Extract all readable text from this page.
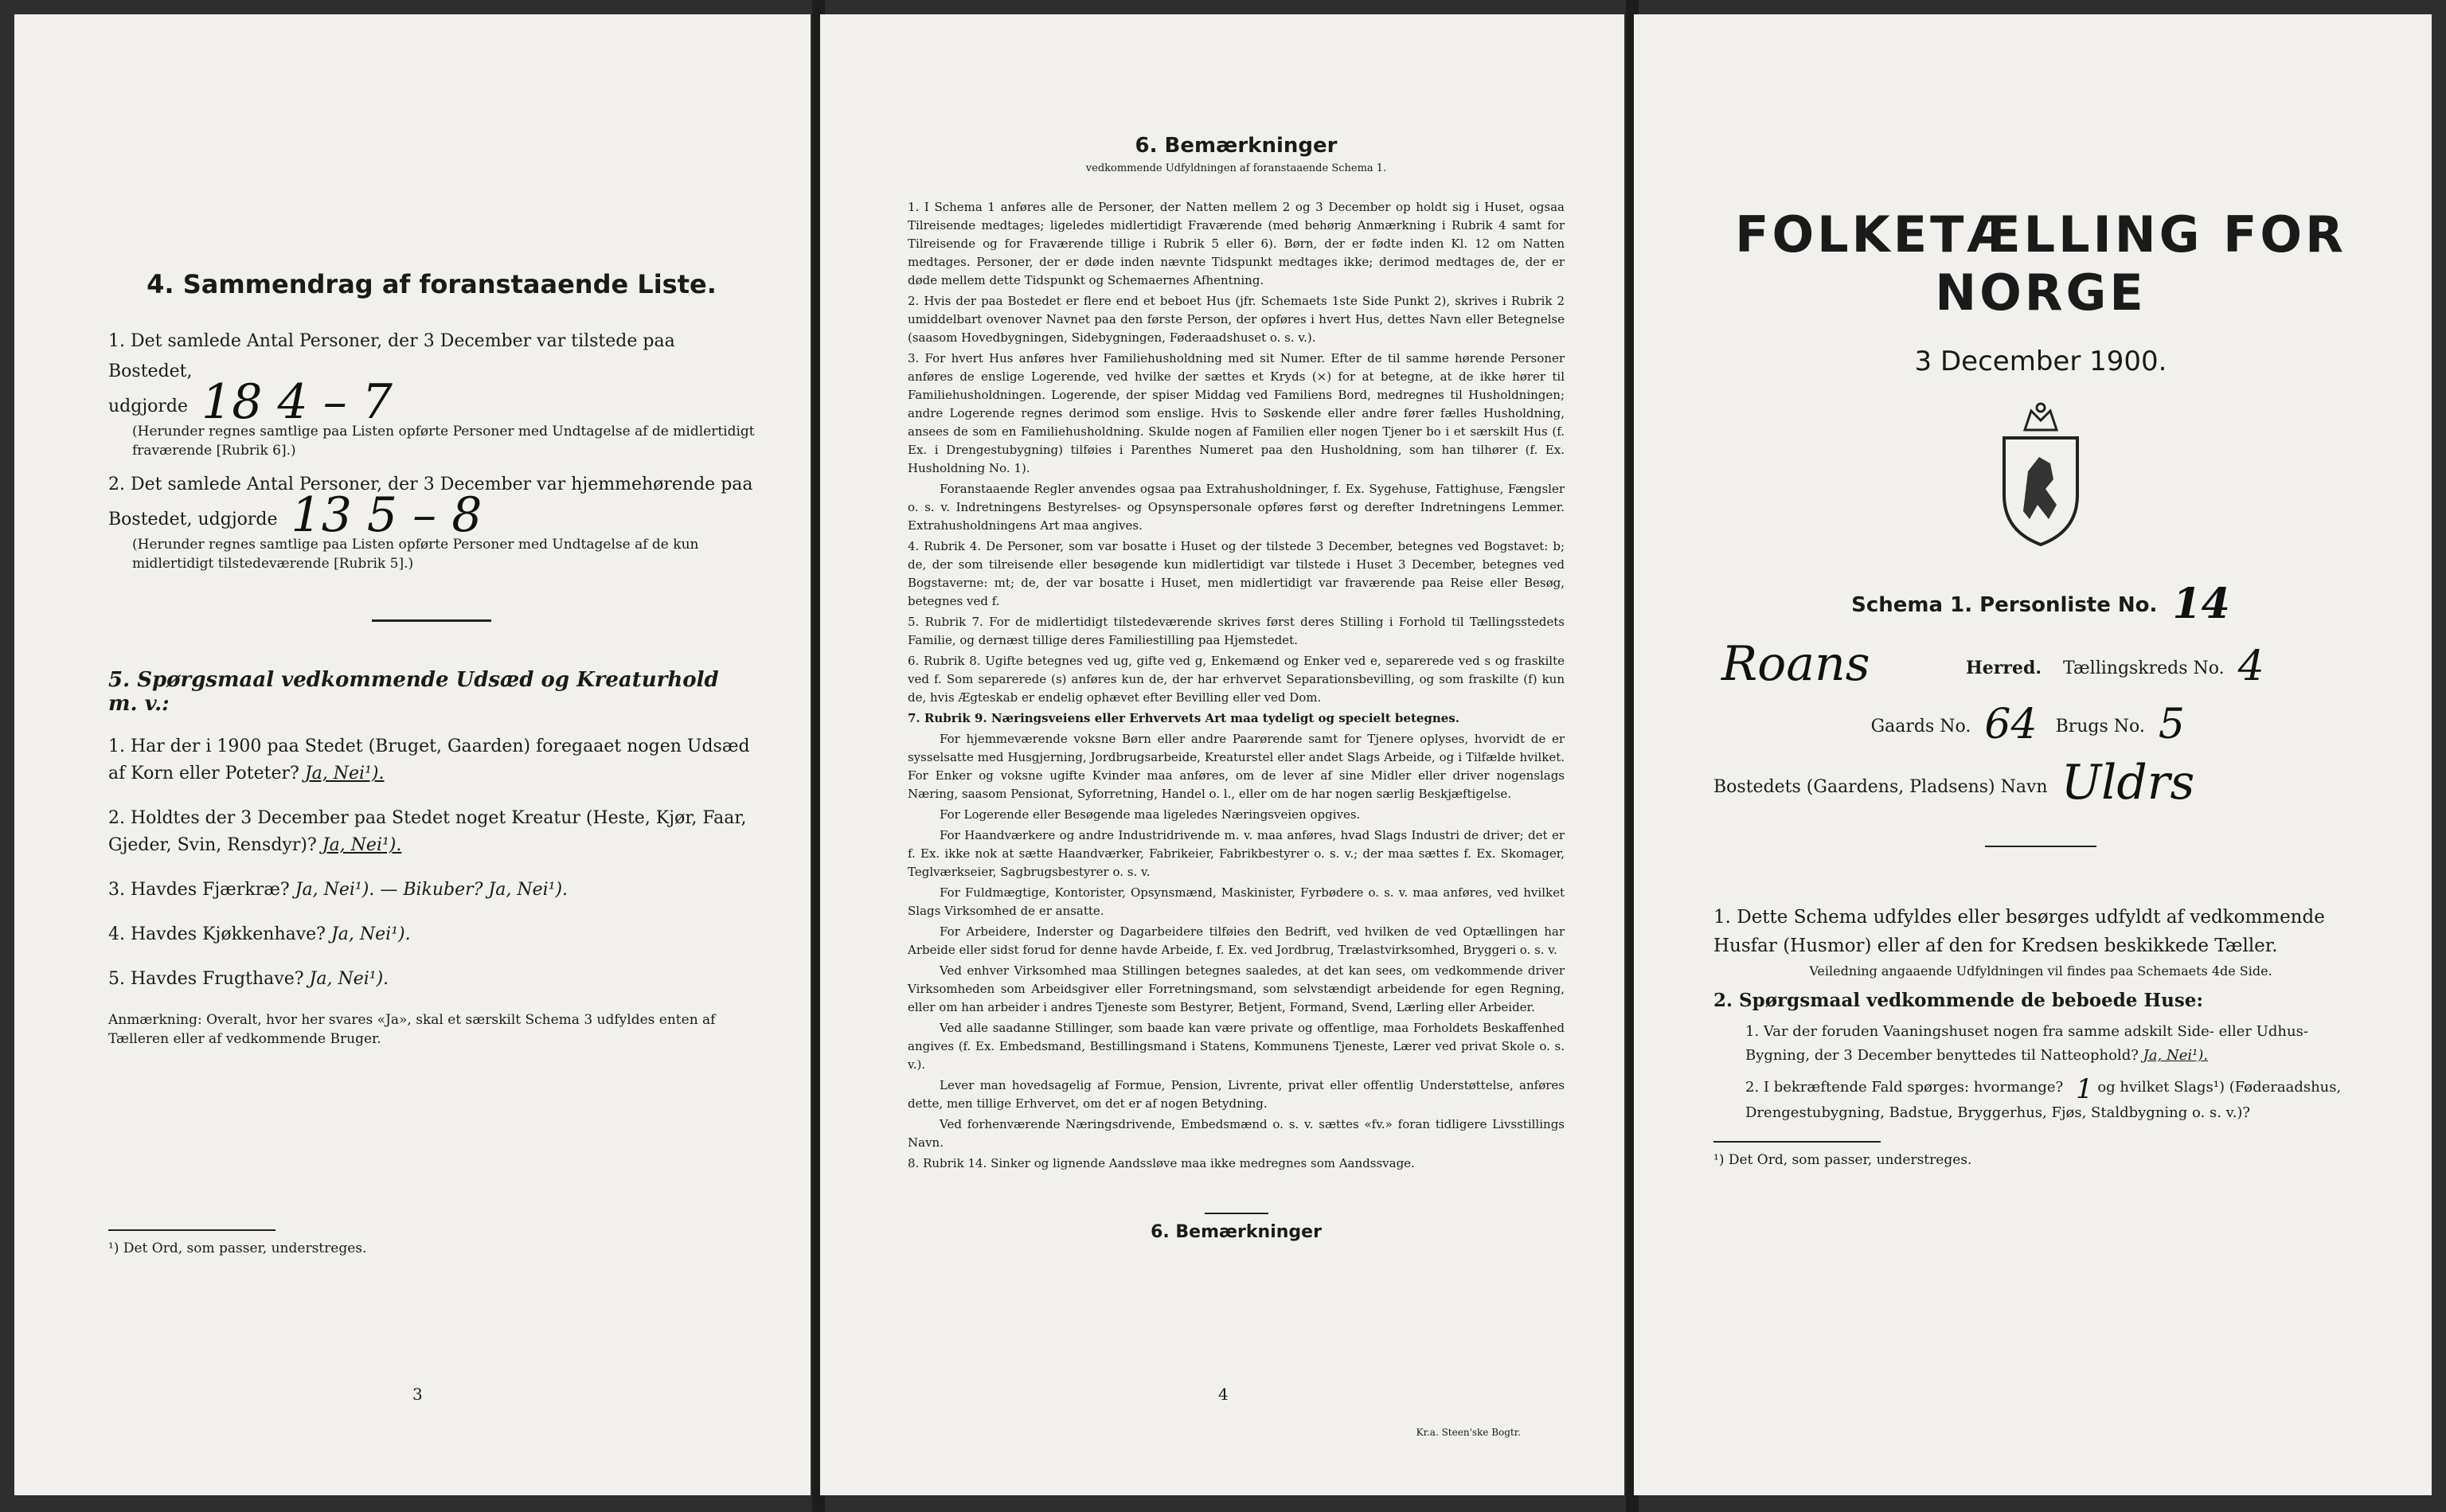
4. Sammendrag af foranstaaende Liste.

1. Det samlede Antal Personer, der 3 December var tilstede paa Bostedet,

udgjorde 18 4 – 7

(Herunder regnes samtlige paa Listen opførte Personer med Undtagelse af de midlertidigt fraværende [Rubrik 6].)

2. Det samlede Antal Personer, der 3 December var hjemmehørende paa

Bostedet, udgjorde 13 5 – 8

(Herunder regnes samtlige paa Listen opførte Personer med Undtagelse af de kun midlertidigt tilstedeværende [Rubrik 5].)

5. Spørgsmaal vedkommende Udsæd og Kreaturhold m. v.:

1. Har der i 1900 paa Stedet (Bruget, Gaarden) foregaaet nogen Udsæd af Korn eller Poteter? Ja, Nei¹).

2. Holdtes der 3 December paa Stedet noget Kreatur (Heste, Kjør, Faar, Gjeder, Svin, Rensdyr)? Ja, Nei¹).

3. Havdes Fjærkræ? Ja, Nei¹). — Bikuber? Ja, Nei¹).

4. Havdes Kjøkkenhave? Ja, Nei¹).

5. Havdes Frugthave? Ja, Nei¹).

Anmærkning: Overalt, hvor her svares «Ja», skal et særskilt Schema 3 udfyldes enten af Tælleren eller af vedkommende Bruger.

¹) Det Ord, som passer, understreges.
3
6. Bemærkninger

vedkommende Udfyldningen af foranstaaende Schema 1.

1. I Schema 1 anføres alle de Personer, der Natten mellem 2 og 3 December op holdt sig i Huset, ogsaa Tilreisende medtages; ligeledes midlertidigt Fraværende (med behørig Anmærkning i Rubrik 4 samt for Tilreisende og for Fraværende tillige i Rubrik 5 eller 6). Børn, der er fødte inden Kl. 12 om Natten medtages. Personer, der er døde inden nævnte Tidspunkt medtages ikke; derimod medtages de, der er døde mellem dette Tidspunkt og Schemaernes Afhentning.

2. Hvis der paa Bostedet er flere end et beboet Hus (jfr. Schemaets 1ste Side Punkt 2), skrives i Rubrik 2 umiddelbart ovenover Navnet paa den første Person, der opføres i hvert Hus, dettes Navn eller Betegnelse (saasom Hovedbygningen, Sidebygningen, Føderaadshuset o. s. v.).

3. For hvert Hus anføres hver Familiehusholdning med sit Numer. Efter de til samme hørende Personer anføres de enslige Logerende, ved hvilke der sættes et Kryds (×) for at betegne, at de ikke hører til Familiehusholdningen. Logerende, der spiser Middag ved Familiens Bord, medregnes til Husholdningen; andre Logerende regnes derimod som enslige. Hvis to Søskende eller andre fører fælles Husholdning, ansees de som en Familiehusholdning. Skulde nogen af Familien eller nogen Tjener bo i et særskilt Hus (f. Ex. i Drengestubygning) tilføies i Parenthes Numeret paa den Husholdning, som han tilhører (f. Ex. Husholdning No. 1).

Foranstaaende Regler anvendes ogsaa paa Extrahusholdninger, f. Ex. Sygehuse, Fattighuse, Fængsler o. s. v. Indretningens Bestyrelses- og Opsynspersonale opføres først og derefter Indretningens Lemmer. Extrahusholdningens Art maa angives.

4. Rubrik 4. De Personer, som var bosatte i Huset og der tilstede 3 December, betegnes ved Bogstavet: b; de, der som tilreisende eller besøgende kun midlertidigt var tilstede i Huset 3 December, betegnes ved Bogstaverne: mt; de, der var bosatte i Huset, men midlertidigt var fraværende paa Reise eller Besøg, betegnes ved f.

5. Rubrik 7. For de midlertidigt tilstedeværende skrives først deres Stilling i Forhold til Tællingsstedets Familie, og dernæst tillige deres Familiestilling paa Hjemstedet.

6. Rubrik 8. Ugifte betegnes ved ug, gifte ved g, Enkemænd og Enker ved e, separerede ved s og fraskilte ved f. Som separerede (s) anføres kun de, der har erhvervet Separationsbevilling, og som fraskilte (f) kun de, hvis Ægteskab er endelig ophævet efter Bevilling eller ved Dom.

7. Rubrik 9. Næringsveiens eller Erhvervets Art maa tydeligt og specielt betegnes.

For hjemmeværende voksne Børn eller andre Paarørende samt for Tjenere oplyses, hvorvidt de er sysselsatte med Husgjerning, Jordbrugsarbeide, Kreaturstel eller andet Slags Arbeide, og i Tilfælde hvilket. For Enker og voksne ugifte Kvinder maa anføres, om de lever af sine Midler eller driver nogenslags Næring, saasom Pensionat, Syforretning, Handel o. l., eller om de har nogen særlig Beskjæftigelse.

For Logerende eller Besøgende maa ligeledes Næringsveien opgives.

For Haandværkere og andre Industridrivende m. v. maa anføres, hvad Slags Industri de driver; det er f. Ex. ikke nok at sætte Haandværker, Fabrikeier, Fabrikbestyrer o. s. v.; der maa sættes f. Ex. Skomager, Teglværkseier, Sagbrugsbestyrer o. s. v.

For Fuldmægtige, Kontorister, Opsynsmænd, Maskinister, Fyrbødere o. s. v. maa anføres, ved hvilket Slags Virksomhed de er ansatte.

For Arbeidere, Inderster og Dagarbeidere tilføies den Bedrift, ved hvilken de ved Optællingen har Arbeide eller sidst forud for denne havde Arbeide, f. Ex. ved Jordbrug, Trælastvirksomhed, Bryggeri o. s. v.

Ved enhver Virksomhed maa Stillingen betegnes saaledes, at det kan sees, om vedkommende driver Virksomheden som Arbeidsgiver eller Forretningsmand, som selvstændigt arbeidende for egen Regning, eller om han arbeider i andres Tjeneste som Bestyrer, Betjent, Formand, Svend, Lærling eller Arbeider.

Ved alle saadanne Stillinger, som baade kan være private og offentlige, maa Forholdets Beskaffenhed angives (f. Ex. Embedsmand, Bestillingsmand i Statens, Kommunens Tjeneste, Lærer ved privat Skole o. s. v.).

Lever man hovedsagelig af Formue, Pension, Livrente, privat eller offentlig Understøttelse, anføres dette, men tillige Erhvervet, om det er af nogen Betydning.

Ved forhenværende Næringsdrivende, Embedsmænd o. s. v. sættes «fv.» foran tidligere Livsstillings Navn.

8. Rubrik 14. Sinker og lignende Aandssløve maa ikke medregnes som Aandssvage.

6. Bemærkninger

4
Kr.a. Steen'ske Bogtr.
FOLKETÆLLING FOR NORGE

3 December 1900.

Schema 1. Personliste No. 14

Roans	Herred. Tællingskreds No. 4
Gaards No. 64 Brugs No. 5
Bostedets (Gaardens, Pladsens) Navn Uldrs

1. Dette Schema udfyldes eller besørges udfyldt af vedkommende Husfar (Husmor) eller af den for Kredsen beskikkede Tæller.

Veiledning angaaende Udfyldningen vil findes paa Schemaets 4de Side.

2. Spørgsmaal vedkommende de beboede Huse:

1. Var der foruden Vaaningshuset nogen fra samme adskilt Side- eller Udhus-Bygning, der 3 December benyttedes til Natteophold? Ja, Nei¹).

2. I bekræftende Fald spørges: hvormange? 1 og hvilket Slags¹) (Føderaadshus, Drengestubygning, Badstue, Bryggerhus, Fjøs, Staldbygning o. s. v.)?

¹) Det Ord, som passer, understreges.
